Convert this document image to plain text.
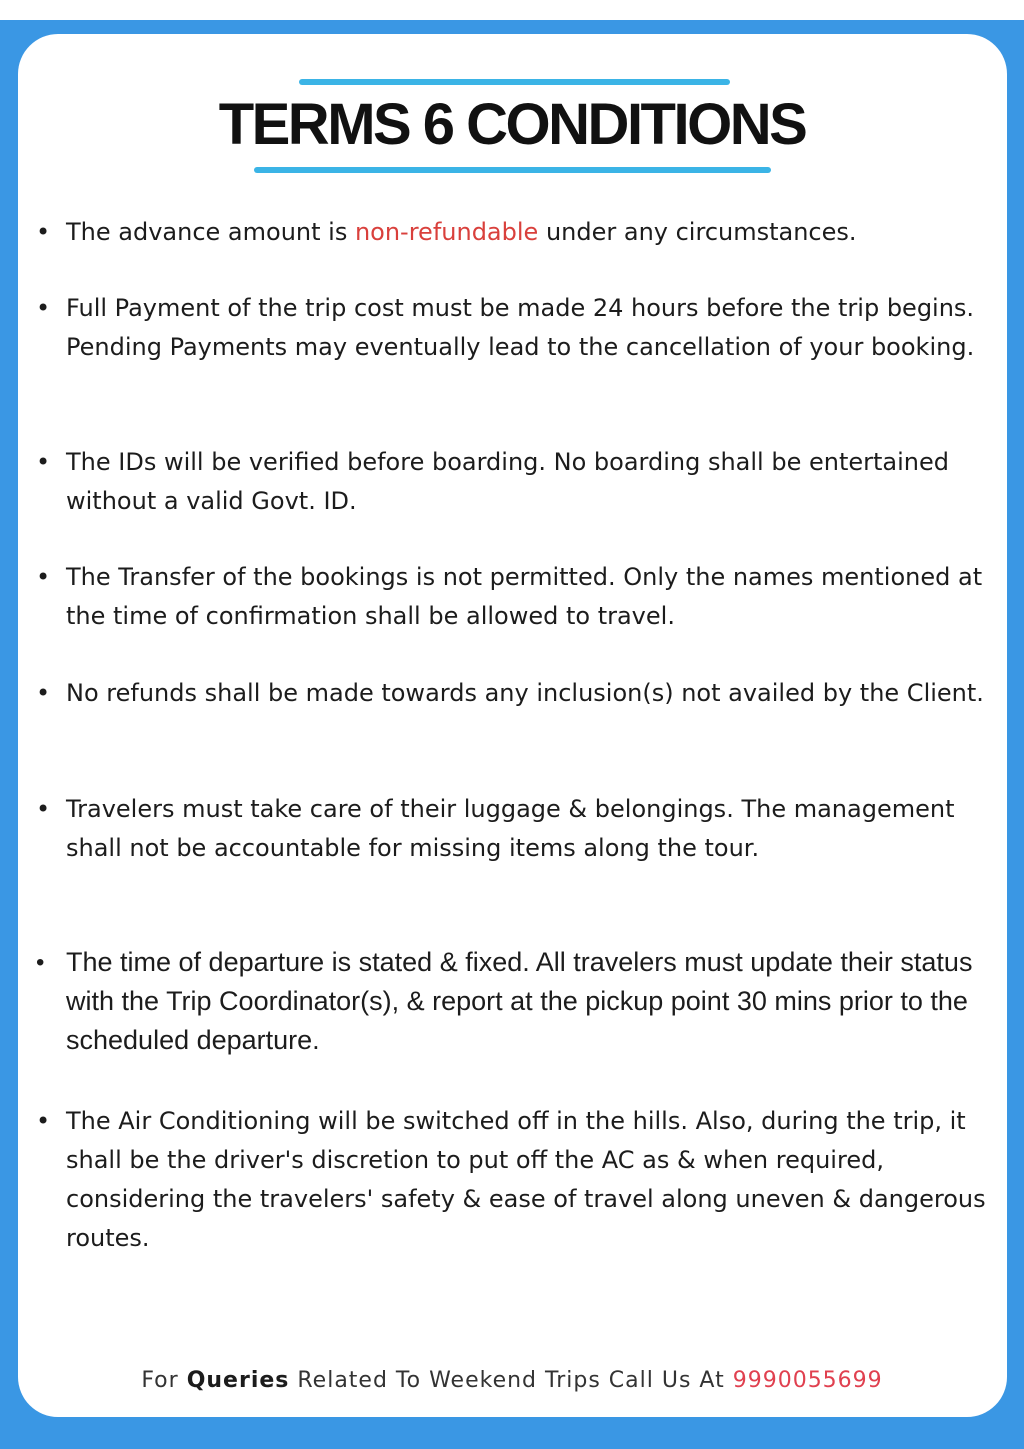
TERMS 6 CONDITIONS
• The advance amount is non-refundable under any circumstances.
• Full Payment of the trip cost must be made 24 hours before the trip begins. Pending Payments may eventually lead to the cancellation of your booking.
• The IDs will be verified before boarding. No boarding shall be entertained without a valid Govt. ID.
• The Transfer of the bookings is not permitted. Only the names mentioned at the time of confirmation shall be allowed to travel.
• No refunds shall be made towards any inclusion(s) not availed by the Client.
• Travelers must take care of their luggage & belongings. The management shall not be accountable for missing items along the tour.
• The time of departure is stated & fixed. All travelers must update their status with the Trip Coordinator(s), & report at the pickup point 30 mins prior to the scheduled departure.
• The Air Conditioning will be switched off in the hills. Also, during the trip, it shall be the driver's discretion to put off the AC as & when required, considering the travelers' safety & ease of travel along uneven & dangerous routes.
For Queries Related To Weekend Trips Call Us At 9990055699
